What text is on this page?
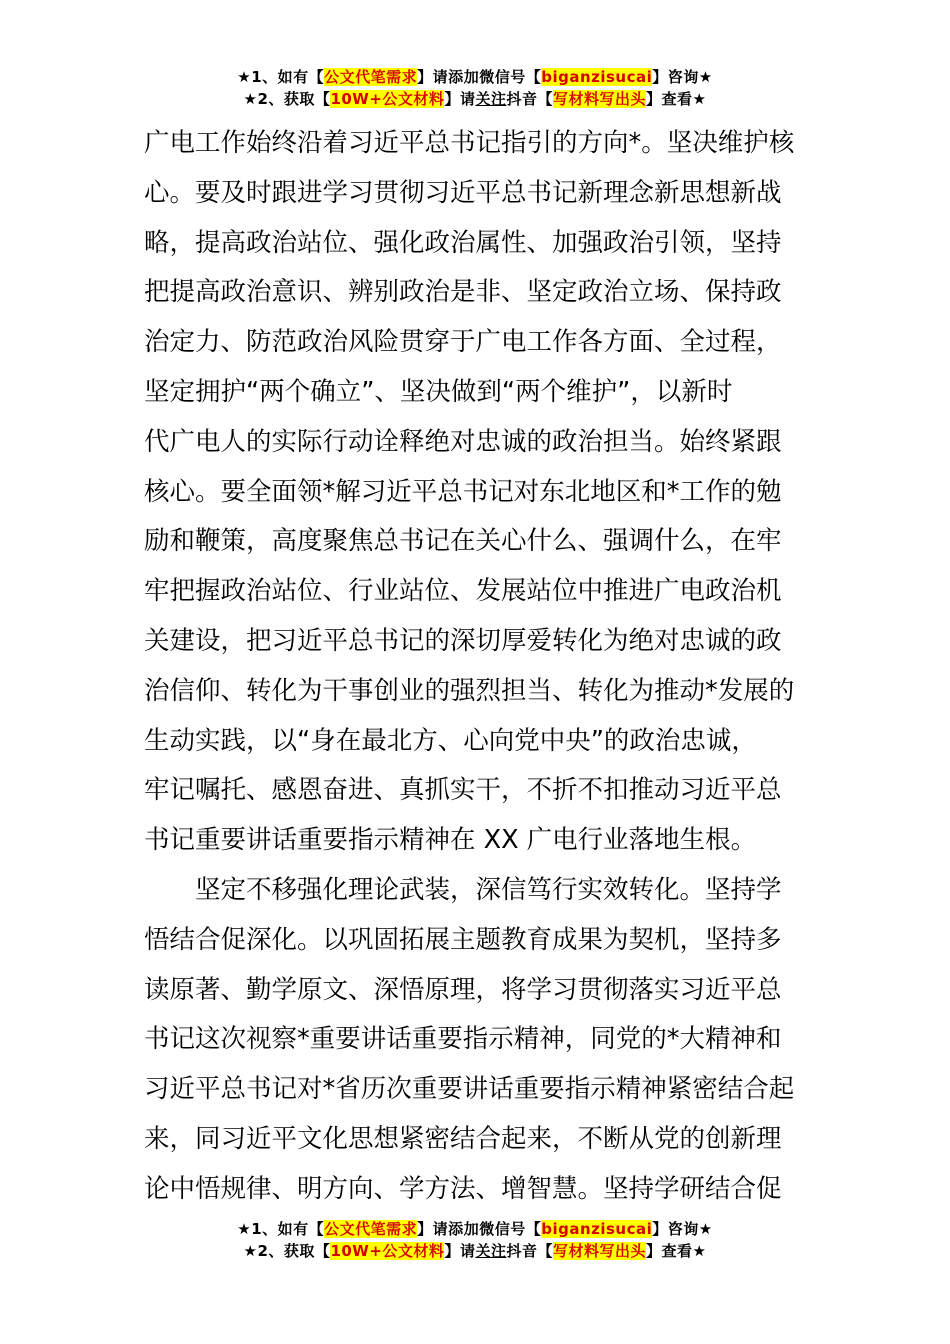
★1、如有【公文代笔需求】请添加微信号【biganzisucai】咨询★
★2、获取【10W+公文材料】请关注抖音【写材料写出头】查看★
广电工作始终沿着习近平总书记指引的方向*。坚决维护核
心。要及时跟进学习贯彻习近平总书记新理念新思想新战
略，提高政治站位、强化政治属性、加强政治引领，坚持
把提高政治意识、辨别政治是非、坚定政治立场、保持政
治定力、防范政治风险贯穿于广电工作各方面、全过程，
坚定拥护“两个确立”、坚决做到“两个维护”，以新时
代广电人的实际行动诠释绝对忠诚的政治担当。始终紧跟
核心。要全面领*解习近平总书记对东北地区和*工作的勉
励和鞭策，高度聚焦总书记在关心什么、强调什么，在牢
牢把握政治站位、行业站位、发展站位中推进广电政治机
关建设，把习近平总书记的深切厚爱转化为绝对忠诚的政
治信仰、转化为干事创业的强烈担当、转化为推动*发展的
生动实践，以“身在最北方、心向党中央”的政治忠诚，
牢记嘱托、感恩奋进、真抓实干，不折不扣推动习近平总
书记重要讲话重要指示精神在 XX 广电行业落地生根。
坚定不移强化理论武装，深信笃行实效转化。坚持学
悟结合促深化。以巩固拓展主题教育成果为契机，坚持多
读原著、勤学原文、深悟原理，将学习贯彻落实习近平总
书记这次视察*重要讲话重要指示精神，同党的*大精神和
习近平总书记对*省历次重要讲话重要指示精神紧密结合起
来，同习近平文化思想紧密结合起来，不断从党的创新理
论中悟规律、明方向、学方法、增智慧。坚持学研结合促
★1、如有【公文代笔需求】请添加微信号【biganzisucai】咨询★
★2、获取【10W+公文材料】请关注抖音【写材料写出头】查看★
